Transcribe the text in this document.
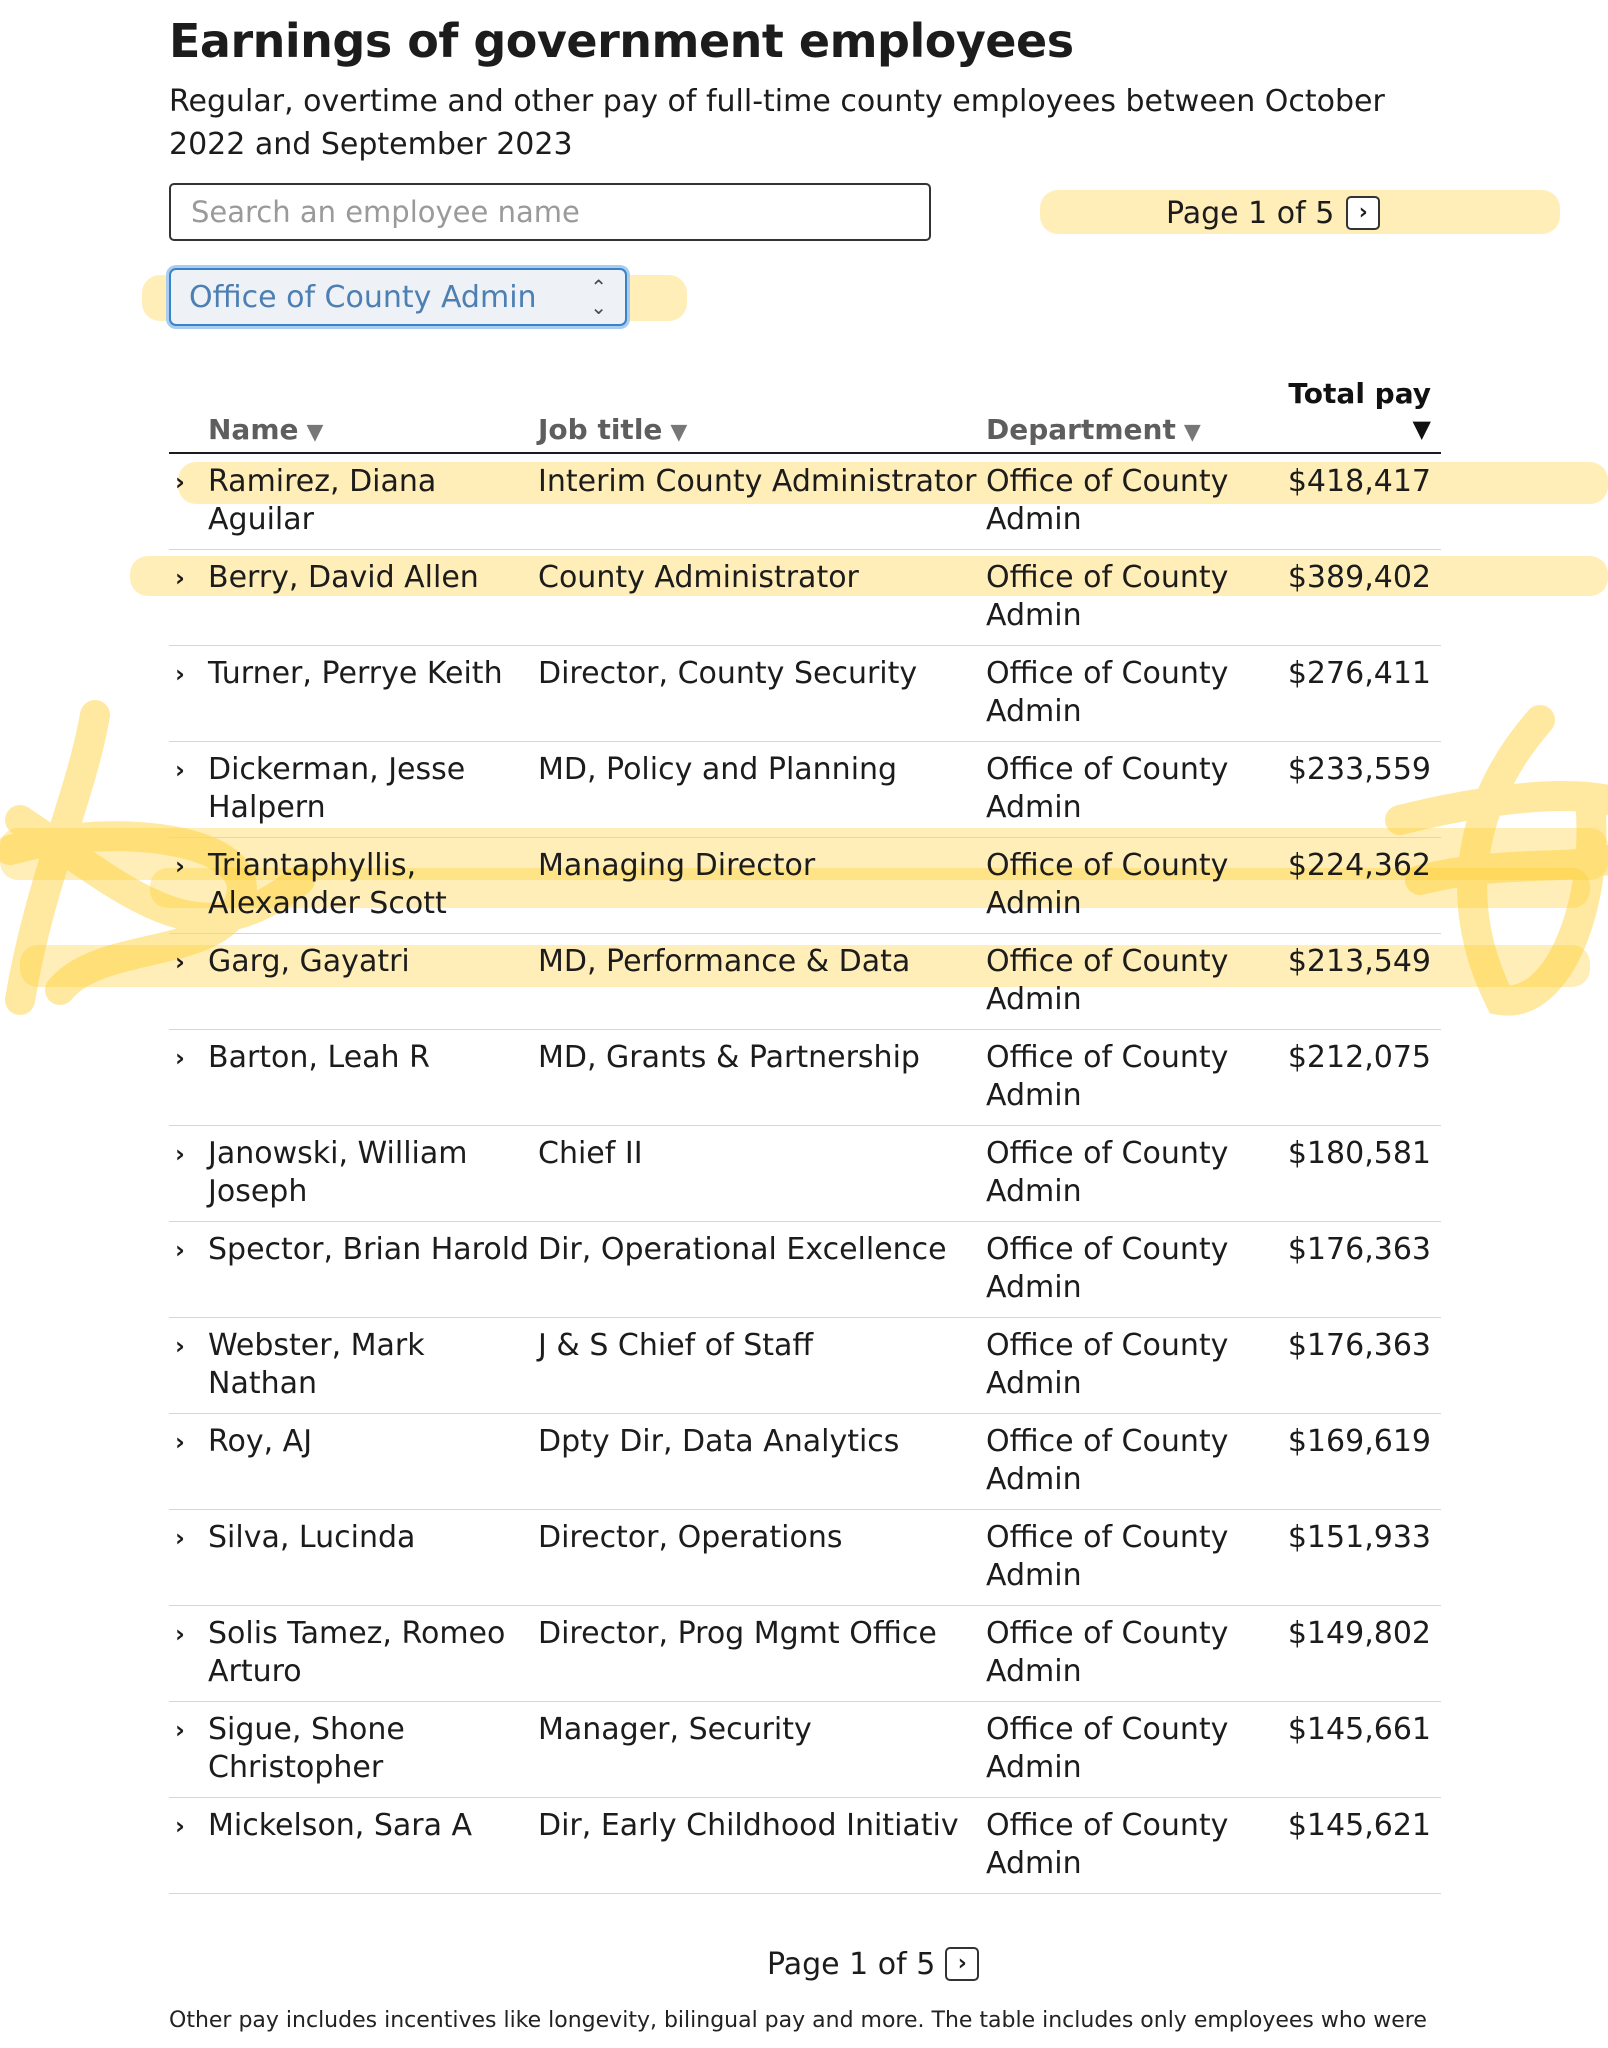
Earnings of government employees

Regular, overtime and other pay of full-time county employees between October 2022 and September 2023

Search an employee name
Page 1 of 5 ›
Office of County Admin	⌃
⌄
Name ▼	Job title ▼	Department ▼	Total pay
▼

› Ramirez, Diana Aguilar	Interim County Administrator	Office of County Admin	$418,417

› Berry, David Allen	County Administrator	Office of County Admin	$389,402

› Turner, Perrye Keith	Director, County Security	Office of County Admin	$276,411

› Dickerman, Jesse Halpern	MD, Policy and Planning	Office of County Admin	$233,559

› Triantaphyllis, Alexander Scott	Managing Director	Office of County Admin	$224,362

› Garg, Gayatri	MD, Performance & Data	Office of County Admin	$213,549

› Barton, Leah R	MD, Grants & Partnership	Office of County Admin	$212,075

› Janowski, William Joseph	Chief II	Office of County Admin	$180,581

› Spector, Brian Harold	Dir, Operational Excellence	Office of County Admin	$176,363

› Webster, Mark Nathan	J & S Chief of Staff	Office of County Admin	$176,363

› Roy, AJ	Dpty Dir, Data Analytics	Office of County Admin	$169,619

› Silva, Lucinda	Director, Operations	Office of County Admin	$151,933

› Solis Tamez, Romeo Arturo	Director, Prog Mgmt Office	Office of County Admin	$149,802

› Sigue, Shone Christopher	Manager, Security	Office of County Admin	$145,661

› Mickelson, Sara A	Dir, Early Childhood Initiativ	Office of County Admin	$145,621
Page 1 of 5 ›

Other pay includes incentives like longevity, bilingual pay and more. The table includes only employees who were
